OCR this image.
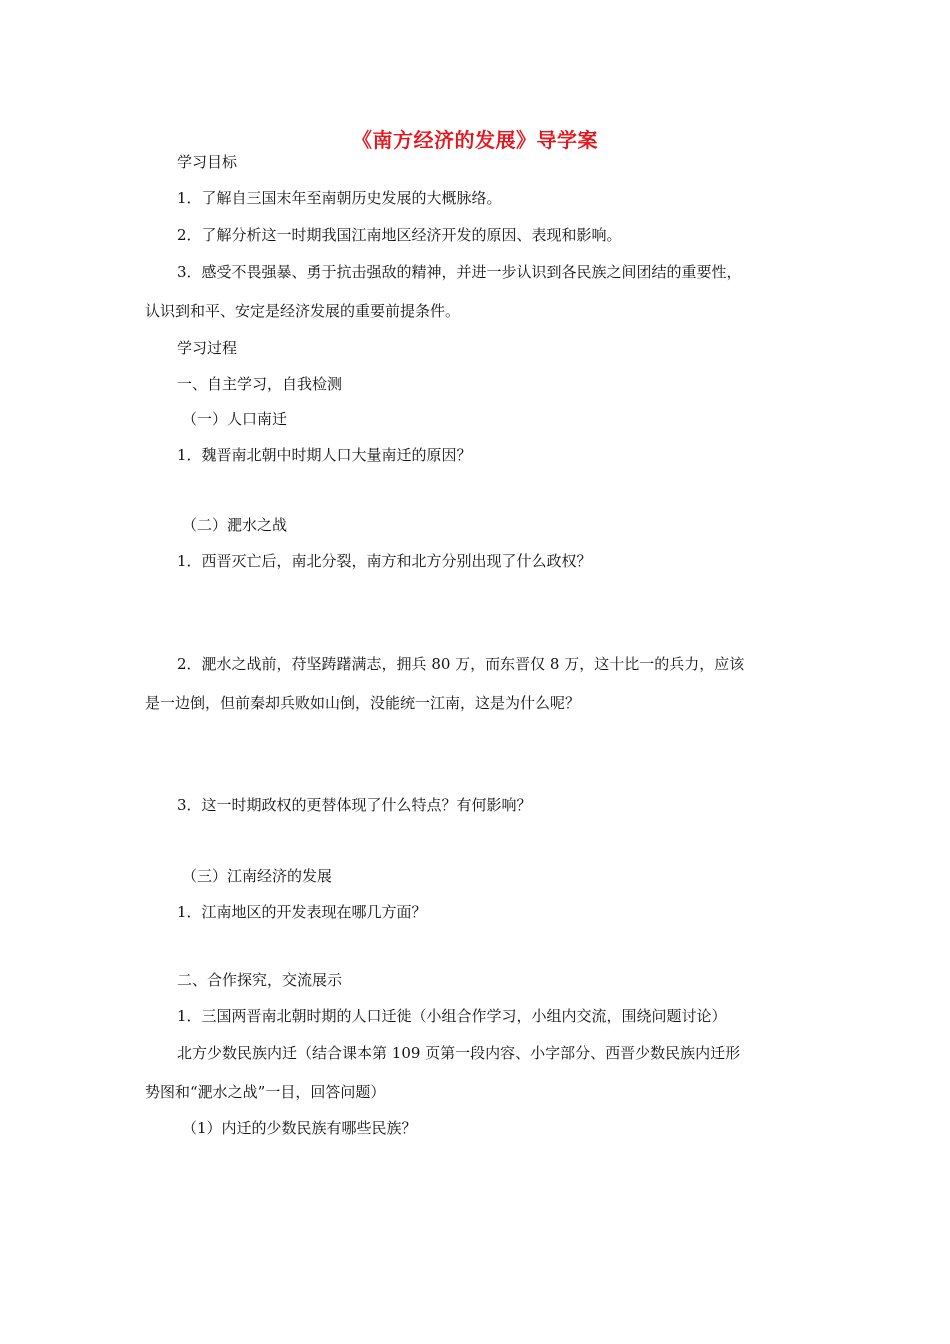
《南方经济的发展》导学案
学习目标
1．了解自三国末年至南朝历史发展的大概脉络。
2．了解分析这一时期我国江南地区经济开发的原因、表现和影响。
3．感受不畏强暴、勇于抗击强敌的精神，并进一步认识到各民族之间团结的重要性，
认识到和平、安定是经济发展的重要前提条件。
学习过程
一、自主学习，自我检测
（一）人口南迁
1．魏晋南北朝中时期人口大量南迁的原因？
（二）淝水之战
1．西晋灭亡后，南北分裂，南方和北方分别出现了什么政权？
2．淝水之战前，苻坚踌躇满志，拥兵 80 万，而东晋仅 8 万，这十比一的兵力，应该
是一边倒，但前秦却兵败如山倒，没能统一江南，这是为什么呢？
3．这一时期政权的更替体现了什么特点？有何影响？
（三）江南经济的发展
1．江南地区的开发表现在哪几方面？
二、合作探究，交流展示
1．三国两晋南北朝时期的人口迁徙（小组合作学习，小组内交流，围绕问题讨论）
北方少数民族内迁（结合课本第 109 页第一段内容、小字部分、西晋少数民族内迁形
势图和“淝水之战”一目，回答问题）
（1）内迁的少数民族有哪些民族？
